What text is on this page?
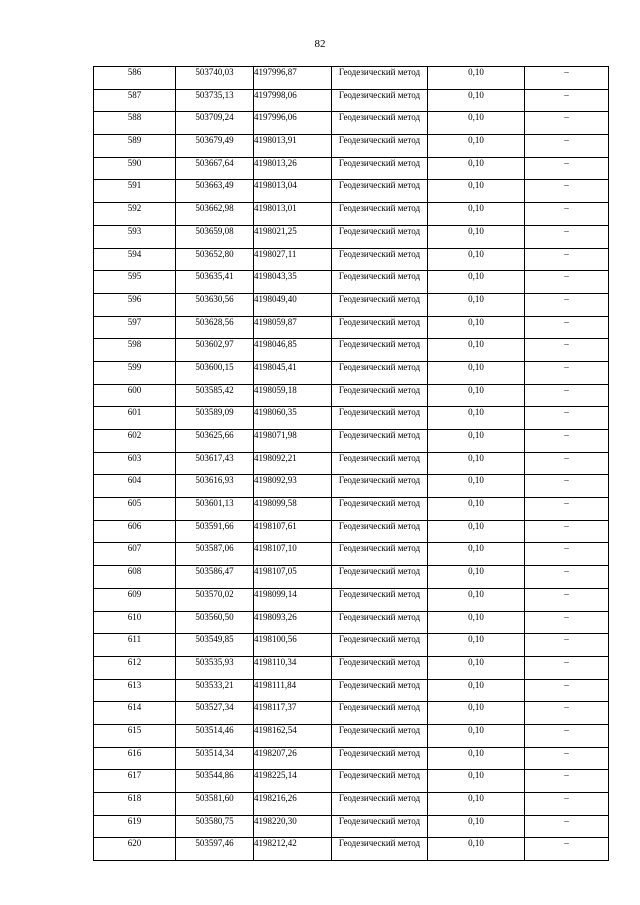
82
586	503740,03	4197996,87	Геодезический метод	0,10	–
587	503735,13	4197998,06	Геодезический метод	0,10	–
588	503709,24	4197996,06	Геодезический метод	0,10	–
589	503679,49	4198013,91	Геодезический метод	0,10	–
590	503667,64	4198013,26	Геодезический метод	0,10	–
591	503663,49	4198013,04	Геодезический метод	0,10	–
592	503662,98	4198013,01	Геодезический метод	0,10	–
593	503659,08	4198021,25	Геодезический метод	0,10	–
594	503652,80	4198027,11	Геодезический метод	0,10	–
595	503635,41	4198043,35	Геодезический метод	0,10	–
596	503630,56	4198049,40	Геодезический метод	0,10	–
597	503628,56	4198059,87	Геодезический метод	0,10	–
598	503602,97	4198046,85	Геодезический метод	0,10	–
599	503600,15	4198045,41	Геодезический метод	0,10	–
600	503585,42	4198059,18	Геодезический метод	0,10	–
601	503589,09	4198060,35	Геодезический метод	0,10	–
602	503625,66	4198071,98	Геодезический метод	0,10	–
603	503617,43	4198092,21	Геодезический метод	0,10	–
604	503616,93	4198092,93	Геодезический метод	0,10	–
605	503601,13	4198099,58	Геодезический метод	0,10	–
606	503591,66	4198107,61	Геодезический метод	0,10	–
607	503587,06	4198107,10	Геодезический метод	0,10	–
608	503586,47	4198107,05	Геодезический метод	0,10	–
609	503570,02	4198099,14	Геодезический метод	0,10	–
610	503560,50	4198093,26	Геодезический метод	0,10	–
611	503549,85	4198100,56	Геодезический метод	0,10	–
612	503535,93	4198110,34	Геодезический метод	0,10	–
613	503533,21	4198111,84	Геодезический метод	0,10	–
614	503527,34	4198117,37	Геодезический метод	0,10	–
615	503514,46	4198162,54	Геодезический метод	0,10	–
616	503514,34	4198207,26	Геодезический метод	0,10	–
617	503544,86	4198225,14	Геодезический метод	0,10	–
618	503581,60	4198216,26	Геодезический метод	0,10	–
619	503580,75	4198220,30	Геодезический метод	0,10	–
620	503597,46	4198212,42	Геодезический метод	0,10	–
